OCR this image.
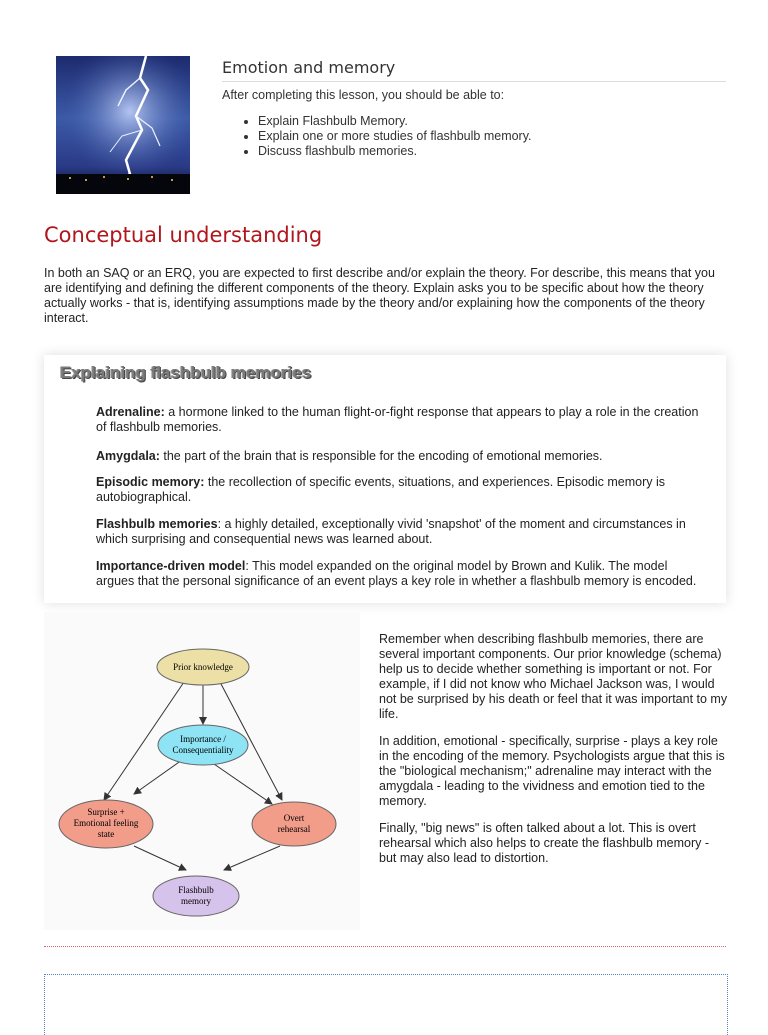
Emotion and memory
After completing this lesson, you should be able to:
• Explain Flashbulb Memory.
• Explain one or more studies of flashbulb memory.
• Discuss flashbulb memories.
Conceptual understanding
In both an SAQ or an ERQ, you are expected to first describe and/or explain the theory. For describe, this means that you are identifying and defining the different components of the theory. Explain asks you to be specific about how the theory actually works - that is, identifying assumptions made by the theory and/or explaining how the components of the theory interact.
Explaining flashbulb memories
Adrenaline: a hormone linked to the human flight-or-fight response that appears to play a role in the creation of flashbulb memories.
Amygdala: the part of the brain that is responsible for the encoding of emotional memories.
Episodic memory: the recollection of specific events, situations, and experiences. Episodic memory is autobiographical.
Flashbulb memories: a highly detailed, exceptionally vivid 'snapshot' of the moment and circumstances in which surprising and consequential news was learned about.
Importance-driven model: This model expanded on the original model by Brown and Kulik. The model argues that the personal significance of an event plays a key role in whether a flashbulb memory is encoded.
Prior knowledge
Importance /
Consequentiality
Surprise +
Emotional feeling
state
Overt
rehearsal
Flashbulb
memory

Remember when describing flashbulb memories, there are several important components. Our prior knowledge (schema) help us to decide whether something is important or not. For example, if I did not know who Michael Jackson was, I would not be surprised by his death or feel that it was important to my life.

In addition, emotional - specifically, surprise - plays a key role in the encoding of the memory. Psychologists argue that this is the "biological mechanism;" adrenaline may interact with the amygdala - leading to the vividness and emotion tied to the memory.

Finally, "big news" is often talked about a lot. This is overt rehearsal which also helps to create the flashbulb memory - but may also lead to distortion.
